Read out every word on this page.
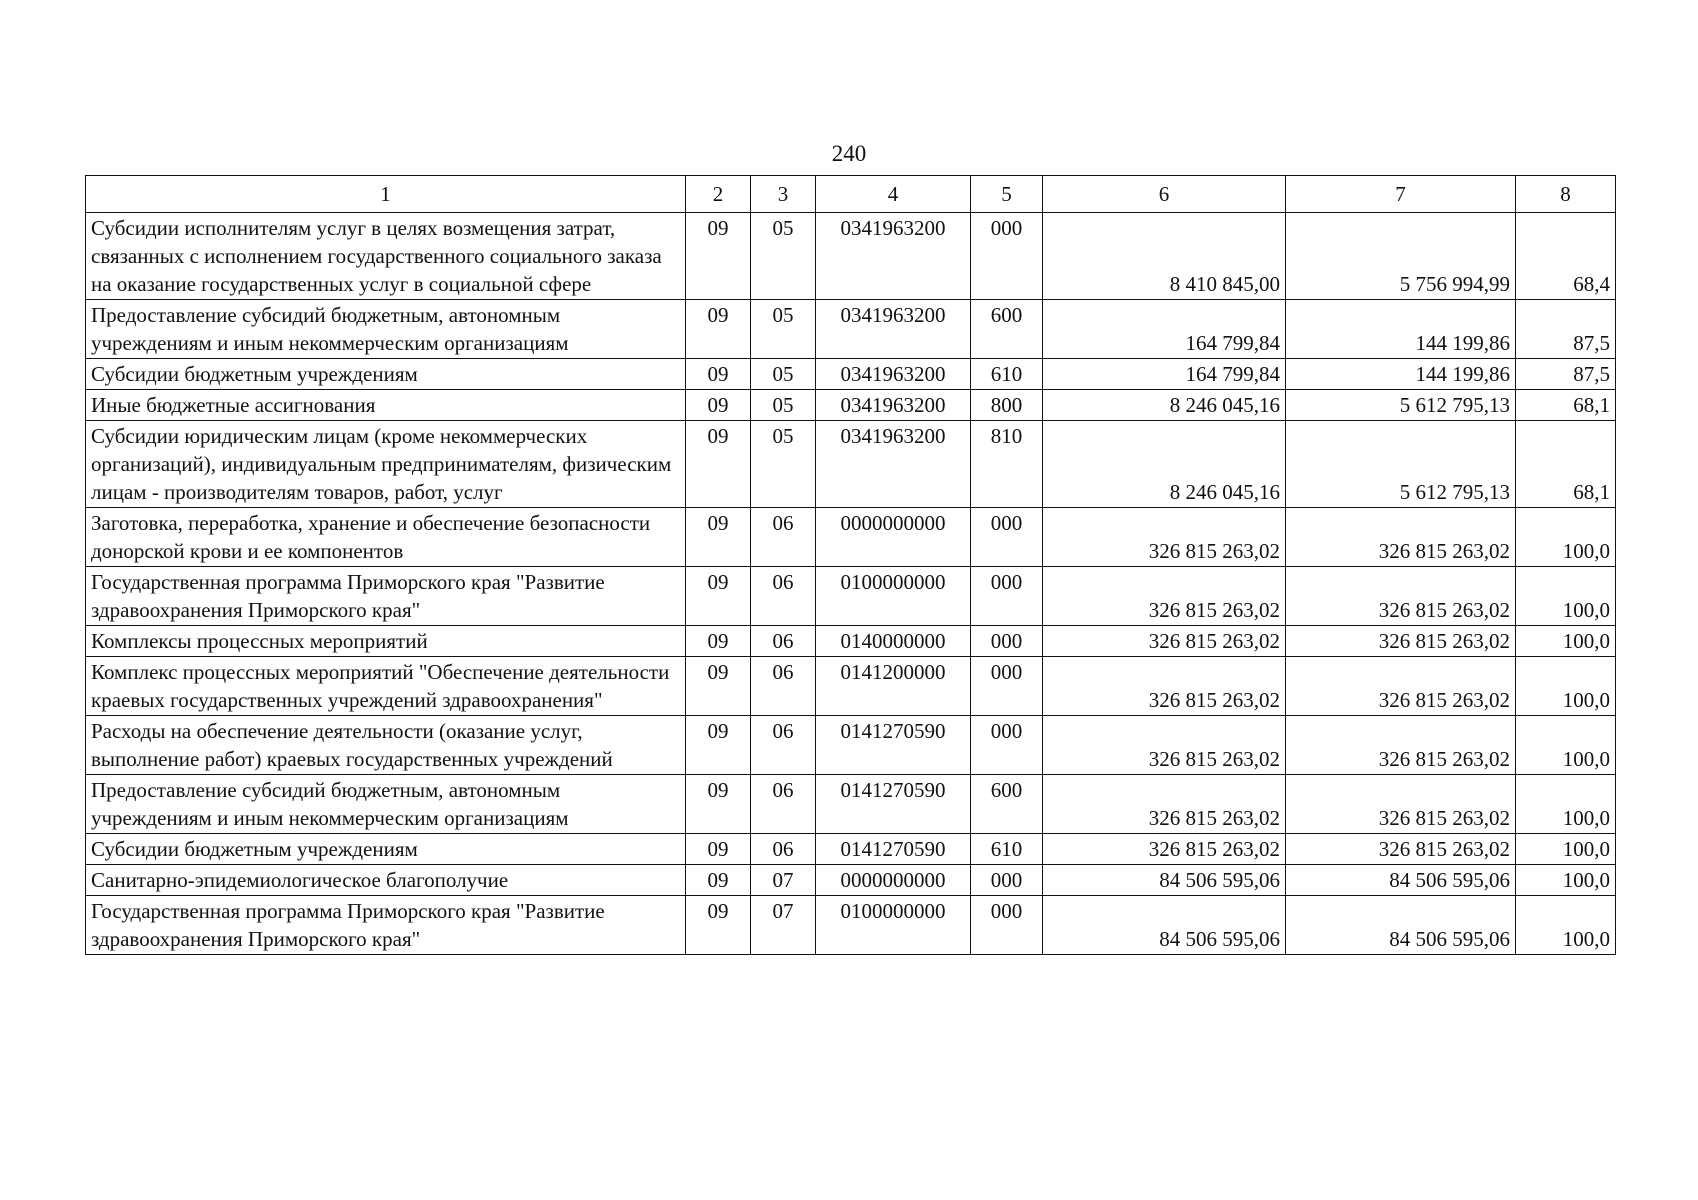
240
1	2	3	4	5	6	7	8
Субсидии исполнителям услуг в целях возмещения затрат, связанных с исполнением государственного социального заказа на оказание государственных услуг в социальной сфере	09	05	0341963200	000	8 410 845,00	5 756 994,99	68,4
Предоставление субсидий бюджетным, автономным учреждениям и иным некоммерческим организациям	09	05	0341963200	600	164 799,84	144 199,86	87,5
Субсидии бюджетным учреждениям	09	05	0341963200	610	164 799,84	144 199,86	87,5
Иные бюджетные ассигнования	09	05	0341963200	800	8 246 045,16	5 612 795,13	68,1
Субсидии юридическим лицам (кроме некоммерческих организаций), индивидуальным предпринимателям, физическим лицам - производителям товаров, работ, услуг	09	05	0341963200	810	8 246 045,16	5 612 795,13	68,1
Заготовка, переработка, хранение и обеспечение безопасности донорской крови и ее компонентов	09	06	0000000000	000	326 815 263,02	326 815 263,02	100,0
Государственная программа Приморского края "Развитие здравоохранения Приморского края"	09	06	0100000000	000	326 815 263,02	326 815 263,02	100,0
Комплексы процессных мероприятий	09	06	0140000000	000	326 815 263,02	326 815 263,02	100,0
Комплекс процессных мероприятий "Обеспечение деятельности краевых государственных учреждений здравоохранения"	09	06	0141200000	000	326 815 263,02	326 815 263,02	100,0
Расходы на обеспечение деятельности (оказание услуг, выполнение работ) краевых государственных учреждений	09	06	0141270590	000	326 815 263,02	326 815 263,02	100,0
Предоставление субсидий бюджетным, автономным учреждениям и иным некоммерческим организациям	09	06	0141270590	600	326 815 263,02	326 815 263,02	100,0
Субсидии бюджетным учреждениям	09	06	0141270590	610	326 815 263,02	326 815 263,02	100,0
Санитарно-эпидемиологическое благополучие	09	07	0000000000	000	84 506 595,06	84 506 595,06	100,0
Государственная программа Приморского края "Развитие здравоохранения Приморского края"	09	07	0100000000	000	84 506 595,06	84 506 595,06	100,0
